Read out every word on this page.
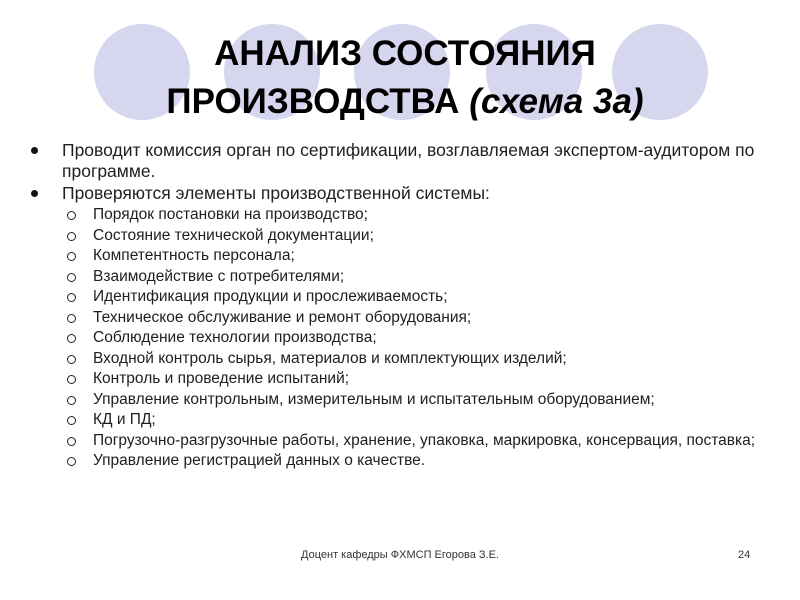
АНАЛИЗ СОСТОЯНИЯ
ПРОИЗВОДСТВА (схема 3а)
Проводит комиссия орган по сертификации, возглавляемая экспертом-аудитором по программе.
Проверяются элементы производственной системы:
Порядок постановки на производство;
Состояние технической документации;
Компетентность персонала;
Взаимодействие с потребителями;
Идентификация продукции и прослеживаемость;
Техническое обслуживание и ремонт оборудования;
Соблюдение технологии производства;
Входной контроль сырья, материалов и комплектующих изделий;
Контроль и проведение испытаний;
Управление контрольным, измерительным и испытательным оборудованием;
КД и ПД;
Погрузочно-разгрузочные работы, хранение, упаковка, маркировка, консервация, поставка;
Управление регистрацией данных о качестве.
Доцент кафедры ФХМСП Егорова З.Е.	24
